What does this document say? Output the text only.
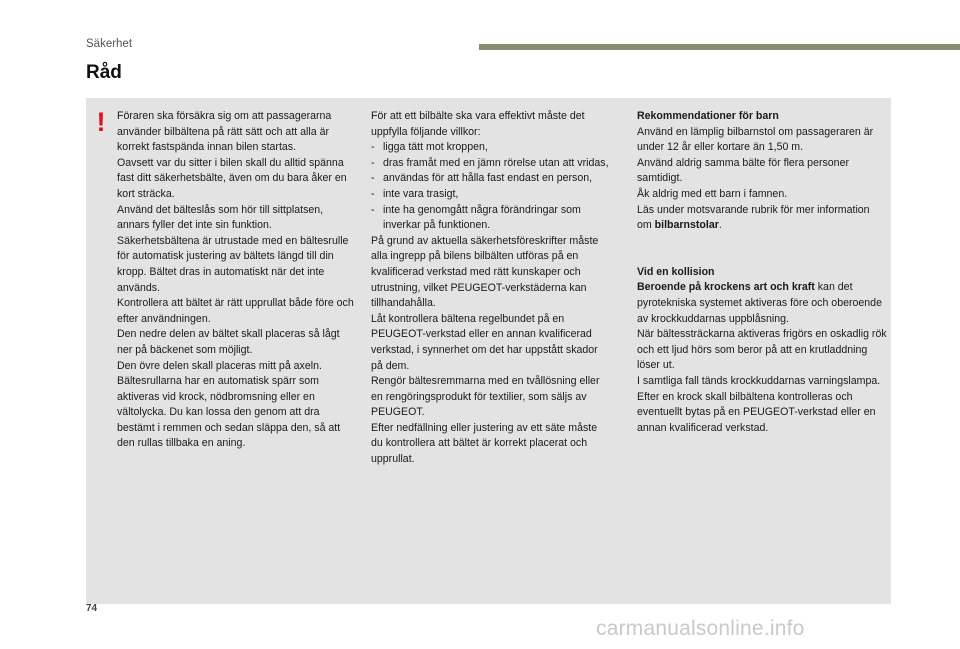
Säkerhet
Råd
! Föraren ska försäkra sig om att passagerarna använder bilbältena på rätt sätt och att alla är korrekt fastspända innan bilen startas.

Oavsett var du sitter i bilen skall du alltid spänna fast ditt säkerhetsbälte, även om du bara åker en kort sträcka.

Använd det bälteslås som hör till sittplatsen, annars fyller det inte sin funktion.

Säkerhetsbältena är utrustade med en bältesrulle för automatisk justering av bältets längd till din kropp. Bältet dras in automatiskt när det inte används.

Kontrollera att bältet är rätt upprullat både före och efter användningen.

Den nedre delen av bältet skall placeras så lågt ner på bäckenet som möjligt.

Den övre delen skall placeras mitt på axeln.

Bältesrullarna har en automatisk spärr som aktiveras vid krock, nödbromsning eller en vältolycka. Du kan lossa den genom att dra bestämt i remmen och sedan släppa den, så att den rullas tillbaka en aning.

För att ett bilbälte ska vara effektivt måste det uppfylla följande villkor:

- ligga tätt mot kroppen,

- dras framåt med en jämn rörelse utan att vridas,

- användas för att hålla fast endast en person,

- inte vara trasigt,

- inte ha genomgått några förändringar som inverkar på funktionen.

På grund av aktuella säkerhetsföreskrifter måste alla ingrepp på bilens bilbälten utföras på en kvalificerad verkstad med rätt kunskaper och utrustning, vilket PEUGEOT-verkstäderna kan tillhandahålla.

Låt kontrollera bältena regelbundet på en PEUGEOT-verkstad eller en annan kvalificerad verkstad, i synnerhet om det har uppstått skador på dem.

Rengör bältesremmarna med en tvållösning eller en rengöringsprodukt för textilier, som säljs av PEUGEOT.

Efter nedfällning eller justering av ett säte måste du kontrollera att bältet är korrekt placerat och upprullat.

Rekommendationer för barn

Använd en lämplig bilbarnstol om passageraren är under 12 år eller kortare än 1,50 m.

Använd aldrig samma bälte för flera personer samtidigt.

Åk aldrig med ett barn i famnen.

Läs under motsvarande rubrik för mer information om bilbarnstolar.

Vid en kollision

Beroende på krockens art och kraft kan det pyrotekniska systemet aktiveras före och oberoende av krockkuddarnas uppblåsning.

När bältessträckarna aktiveras frigörs en oskadlig rök och ett ljud hörs som beror på att en krutladdning löser ut.

I samtliga fall tänds krockkuddarnas varningslampa.

Efter en krock skall bilbältena kontrolleras och eventuellt bytas på en PEUGEOT-verkstad eller en annan kvalificerad verkstad.

74
carmanualsonline.info
